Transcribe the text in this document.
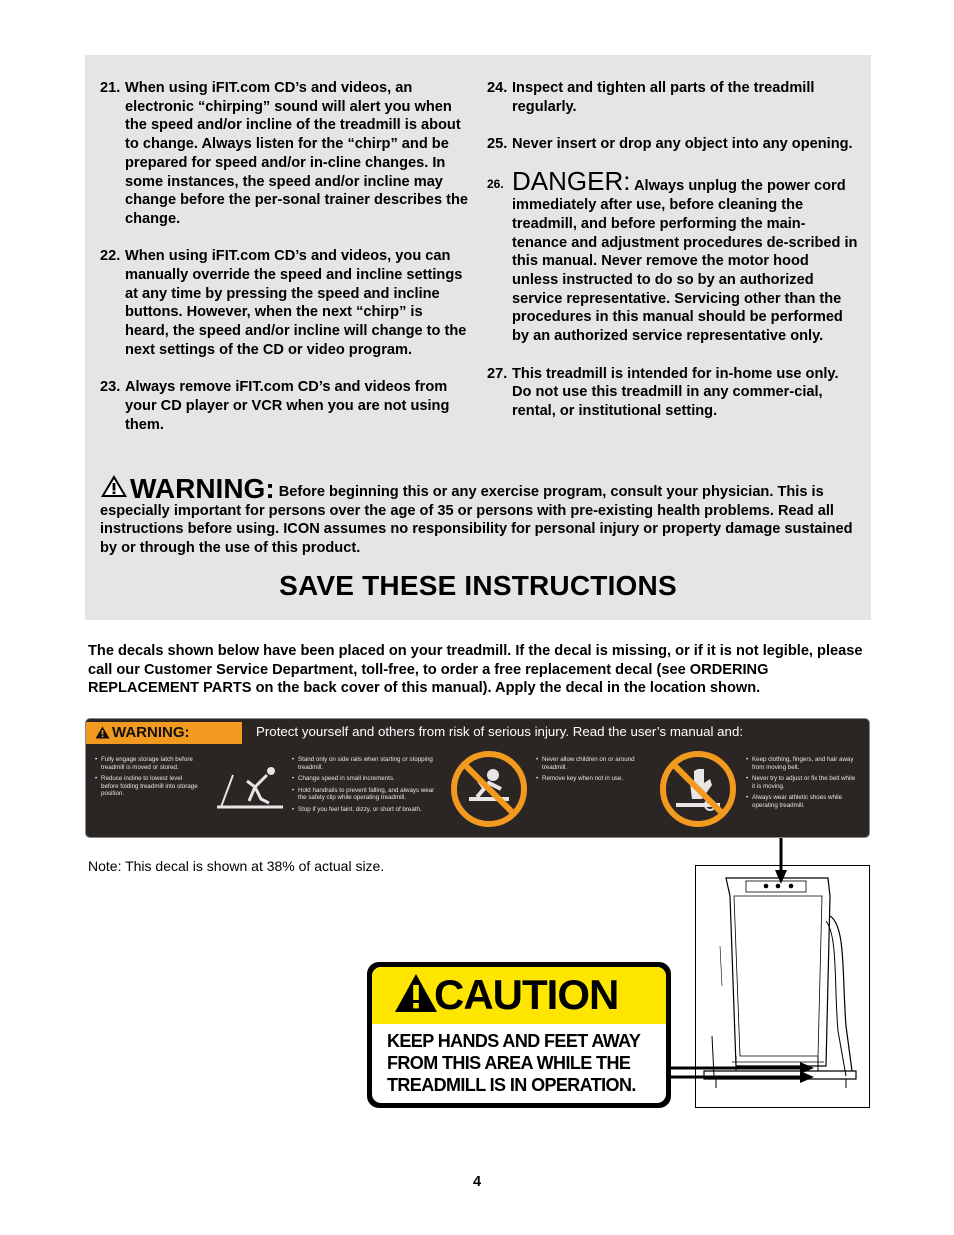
21. When using iFIT.com CD’s and videos, an electronic “chirping” sound will alert you when the speed and/or incline of the treadmill is about to change. Always listen for the “chirp” and be prepared for speed and/or in-cline changes. In some instances, the speed and/or incline may change before the per-sonal trainer describes the change.
22. When using iFIT.com CD’s and videos, you can manually override the speed and incline settings at any time by pressing the speed and incline buttons. However, when the next “chirp” is heard, the speed and/or incline will change to the next settings of the CD or video program.
23. Always remove iFIT.com CD’s and videos from your CD player or VCR when you are not using them.
24. Inspect and tighten all parts of the treadmill regularly.
25. Never insert or drop any object into any opening.
26. DANGER: Always unplug the power cord immediately after use, before cleaning the treadmill, and before performing the main-tenance and adjustment procedures de-scribed in this manual. Never remove the motor hood unless instructed to do so by an authorized service representative. Servicing other than the procedures in this manual should be performed by an authorized service representative only.
27. This treadmill is intended for in-home use only. Do not use this treadmill in any commer-cial, rental, or institutional setting.
WARNING: Before beginning this or any exercise program, consult your physician. This is especially important for persons over the age of 35 or persons with pre-existing health problems. Read all instructions before using. ICON assumes no responsibility for personal injury or property damage sustained by or through the use of this product.
SAVE THESE INSTRUCTIONS
The decals shown below have been placed on your treadmill. If the decal is missing, or if it is not legible, please call our Customer Service Department, toll-free, to order a free replacement decal (see ORDERING REPLACEMENT PARTS on the back cover of this manual). Apply the decal in the location shown.
WARNING:	Protect yourself and others from risk of serious injury. Read the user’s manual and:
• Fully engage storage latch before treadmill is moved or stored.
• Reduce incline to lowest level before folding treadmill into storage position.
• Stand only on side rails when starting or stopping treadmill.
• Change speed in small increments.
• Hold handrails to prevent falling, and always wear the safety clip while operating treadmill.
• Stop if you feel faint, dizzy, or short of breath.
• Never allow children on or around treadmill.
• Remove key when not in use.
• Keep clothing, fingers, and hair away from moving belt.
• Never try to adjust or fix the belt while it is moving.
• Always wear athletic shoes while operating treadmill.
Note: This decal is shown at 38% of actual size.
CAUTION
KEEP HANDS AND FEET AWAY FROM THIS AREA WHILE THE TREADMILL IS IN OPERATION.
4
